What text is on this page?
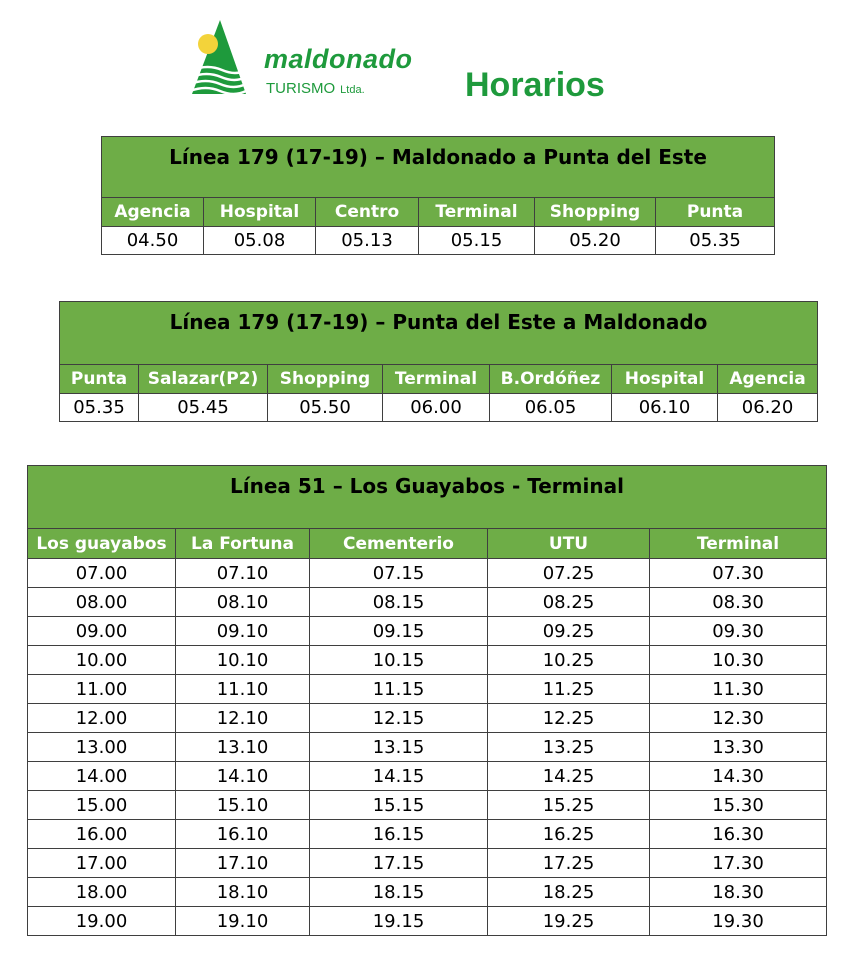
maldonado
TURISMO Ltda.	Horarios
Línea 179 (17-19) – Maldonado a Punta del Este					
Agencia	Hospital	Centro	Terminal	Shopping	Punta
04.50	05.08	05.13	05.15	05.20	05.35
Línea 179 (17-19) – Punta del Este a Maldonado						
Punta	Salazar(P2)	Shopping	Terminal	B.Ordóñez	Hospital	Agencia
05.35	05.45	05.50	06.00	06.05	06.10	06.20
Línea 51 – Los Guayabos - Terminal				
Los guayabos	La Fortuna	Cementerio	UTU	Terminal
07.00	07.10	07.15	07.25	07.30
08.00	08.10	08.15	08.25	08.30
09.00	09.10	09.15	09.25	09.30
10.00	10.10	10.15	10.25	10.30
11.00	11.10	11.15	11.25	11.30
12.00	12.10	12.15	12.25	12.30
13.00	13.10	13.15	13.25	13.30
14.00	14.10	14.15	14.25	14.30
15.00	15.10	15.15	15.25	15.30
16.00	16.10	16.15	16.25	16.30
17.00	17.10	17.15	17.25	17.30
18.00	18.10	18.15	18.25	18.30
19.00	19.10	19.15	19.25	19.30
